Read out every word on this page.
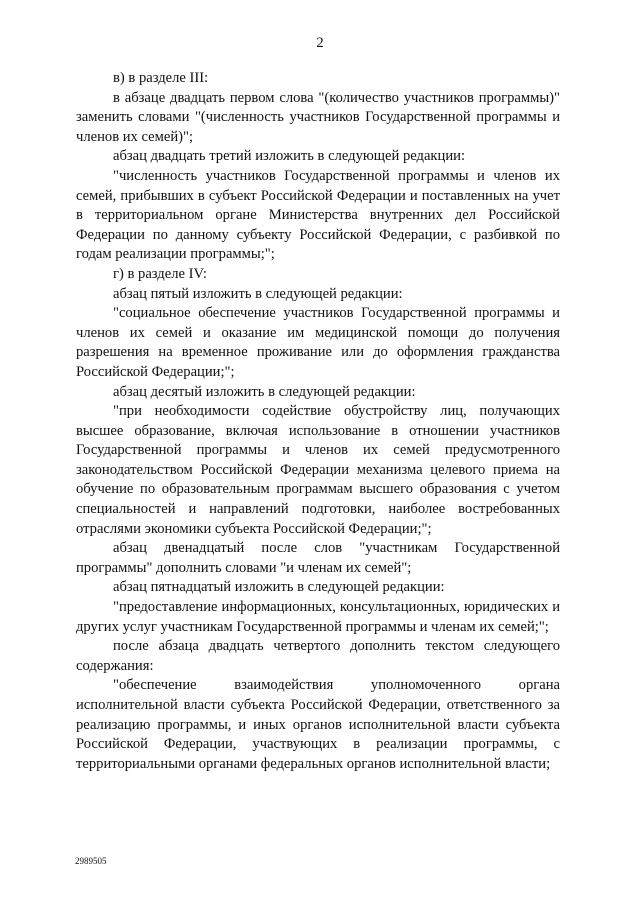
2

в) в разделе III:

в абзаце двадцать первом слова "(количество участников программы)" заменить словами "(численность участников Государственной программы и членов их семей)";

абзац двадцать третий изложить в следующей редакции:

"численность участников Государственной программы и членов их семей, прибывших в субъект Российской Федерации и поставленных на учет в территориальном органе Министерства внутренних дел Российской Федерации по данному субъекту Российской Федерации, с разбивкой по годам реализации программы;";

г) в разделе IV:

абзац пятый изложить в следующей редакции:

"социальное обеспечение участников Государственной программы и членов их семей и оказание им медицинской помощи до получения разрешения на временное проживание или до оформления гражданства Российской Федерации;";

абзац десятый изложить в следующей редакции:

"при необходимости содействие обустройству лиц, получающих высшее образование, включая использование в отношении участников Государственной программы и членов их семей предусмотренного законодательством Российской Федерации механизма целевого приема на обучение по образовательным программам высшего образования с учетом специальностей и направлений подготовки, наиболее востребованных отраслями экономики субъекта Российской Федерации;";

абзац двенадцатый после слов "участникам Государственной программы" дополнить словами "и членам их семей";

абзац пятнадцатый изложить в следующей редакции:

"предоставление информационных, консультационных, юридических и других услуг участникам Государственной программы и членам их семей;";

после абзаца двадцать четвертого дополнить текстом следующего содержания:

"обеспечение взаимодействия уполномоченного органа исполнительной власти субъекта Российской Федерации, ответственного за реализацию программы, и иных органов исполнительной власти субъекта Российской Федерации, участвующих в реализации программы, с территориальными органами федеральных органов исполнительной власти;

2989505
